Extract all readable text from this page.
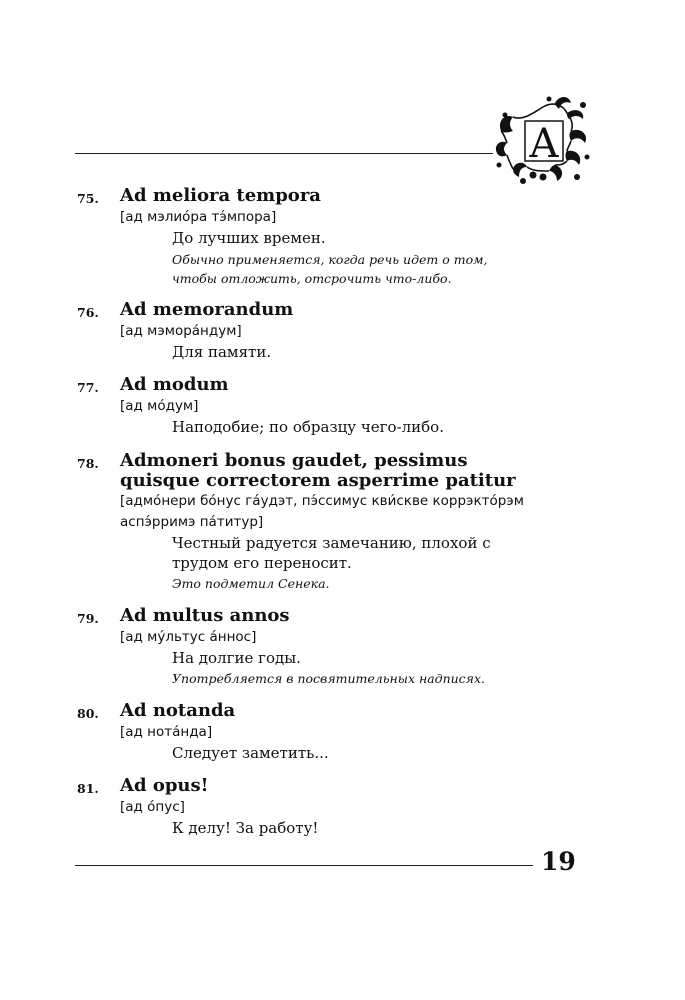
A
75. Ad meliora tempora
[ад мэлио́ра тэ́мпора]
До лучших времен.
Обычно применяется, когда речь идет о том,
чтобы отложить, отсрочить что-либо.
76. Ad memorandum
[ад мэмора́ндум]
Для памяти.
77. Ad modum
[ад мо́дум]
Наподобие; по образцу чего-либо.
78. Admoneri bonus gaudet, pessimus
quisque correctorem asperrime patitur
[адмо́нери бо́нус га́удэт, пэ́ссимус кви́скве коррэкто́рэм
аспэ́рримэ па́титур]
Честный радуется замечанию, плохой с
трудом его переносит.
Это подметил Сенека.
79. Ad multus annos
[ад му́льтус а́ннос]
На долгие годы.
Употребляется в посвятительных надписях.
80. Ad notanda
[ад нота́нда]
Следует заметить...
81. Ad opus!
[ад о́пус]
К делу! За работу!
19
